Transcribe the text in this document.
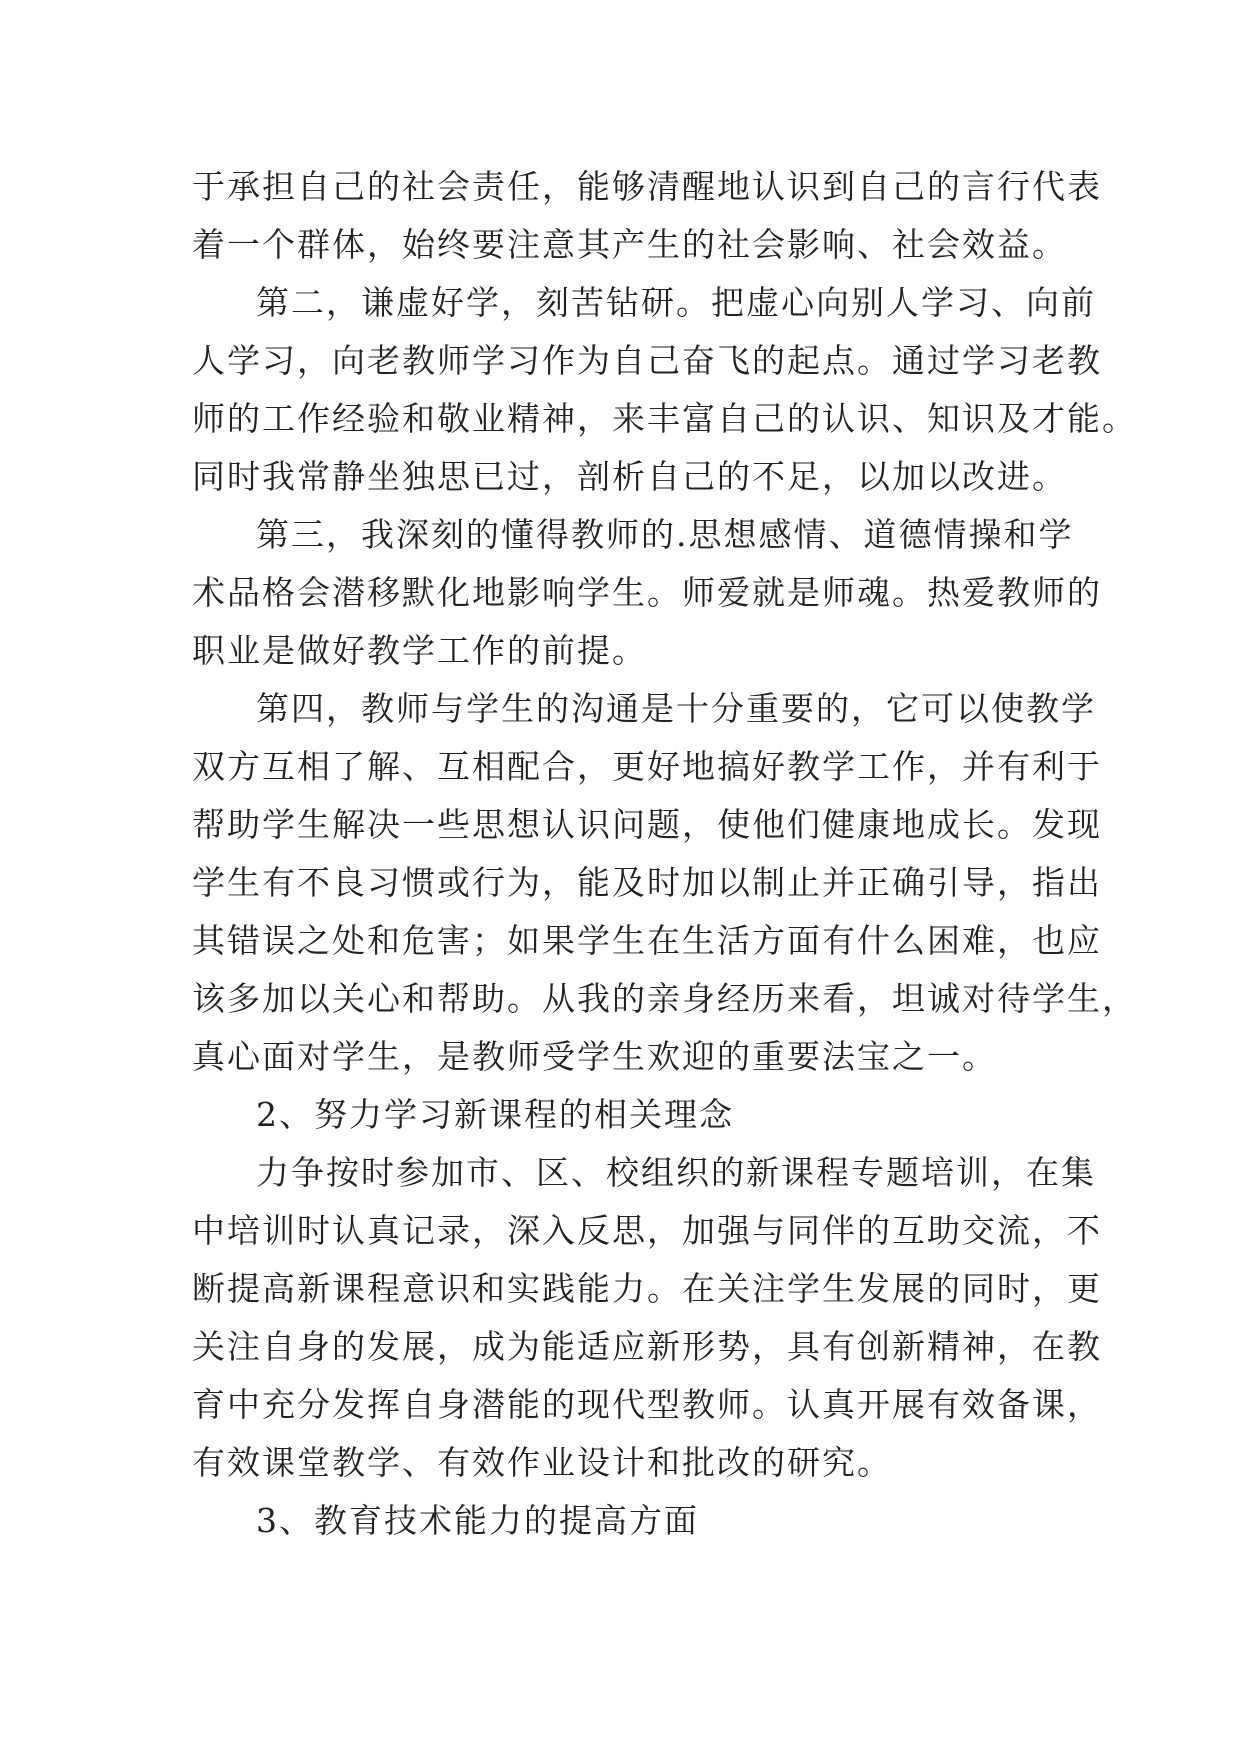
于承担自己的社会责任，能够清醒地认识到自己的言行代表
着一个群体，始终要注意其产生的社会影响、社会效益。
第二，谦虚好学，刻苦钻研。把虚心向别人学习、向前
人学习，向老教师学习作为自己奋飞的起点。通过学习老教
师的工作经验和敬业精神，来丰富自己的认识、知识及才能。
同时我常静坐独思已过，剖析自己的不足，以加以改进。
第三，我深刻的懂得教师的.思想感情、道德情操和学
术品格会潜移默化地影响学生。师爱就是师魂。热爱教师的
职业是做好教学工作的前提。
第四，教师与学生的沟通是十分重要的，它可以使教学
双方互相了解、互相配合，更好地搞好教学工作，并有利于
帮助学生解决一些思想认识问题，使他们健康地成长。发现
学生有不良习惯或行为，能及时加以制止并正确引导，指出
其错误之处和危害；如果学生在生活方面有什么困难，也应
该多加以关心和帮助。从我的亲身经历来看，坦诚对待学生，
真心面对学生，是教师受学生欢迎的重要法宝之一。
2、努力学习新课程的相关理念
力争按时参加市、区、校组织的新课程专题培训，在集
中培训时认真记录，深入反思，加强与同伴的互助交流，不
断提高新课程意识和实践能力。在关注学生发展的同时，更
关注自身的发展，成为能适应新形势，具有创新精神，在教
育中充分发挥自身潜能的现代型教师。认真开展有效备课，
有效课堂教学、有效作业设计和批改的研究。
3、教育技术能力的提高方面
